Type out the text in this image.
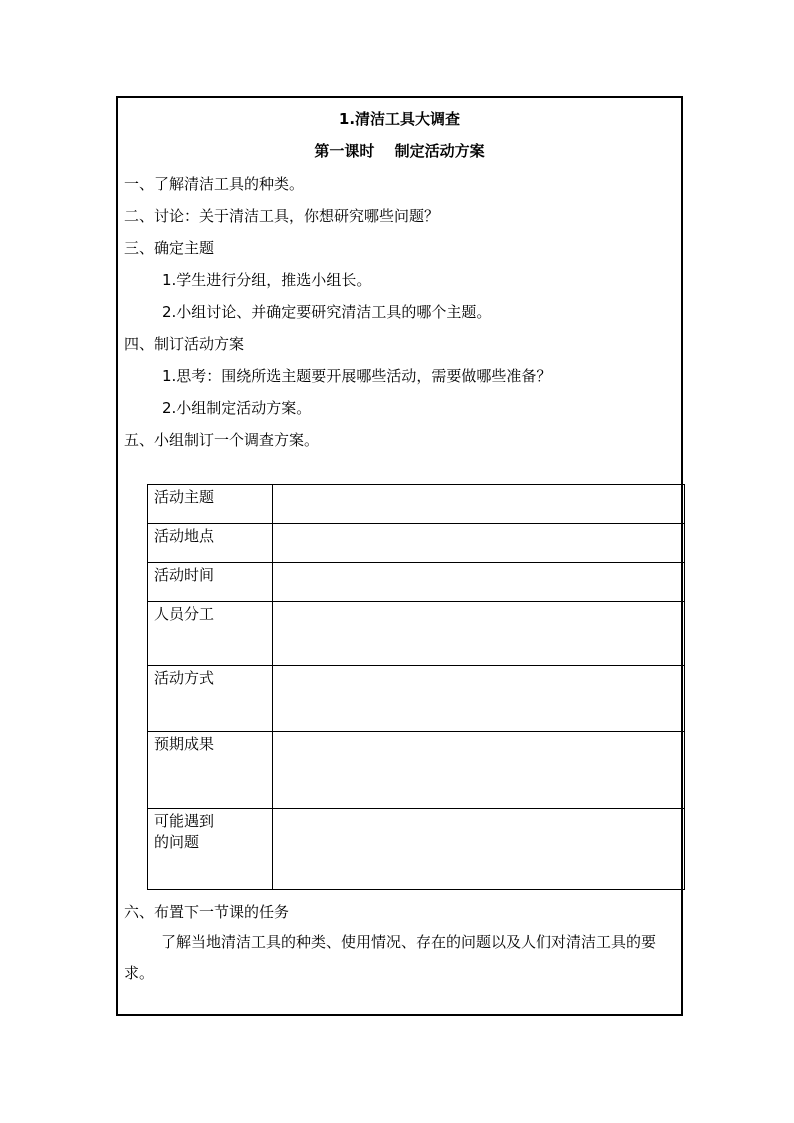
1.清洁工具大调查
第一课时　 制定活动方案
一、了解清洁工具的种类。
二、讨论：关于清洁工具，你想研究哪些问题？
三、确定主题
1.学生进行分组，推选小组长。
2.小组讨论、并确定要研究清洁工具的哪个主题。
四、制订活动方案
1.思考：围绕所选主题要开展哪些活动，需要做哪些准备？
2.小组制定活动方案。
五、小组制订一个调查方案。
活动主题	
活动地点	
活动时间	
人员分工	
活动方式	
预期成果	

可能遇到的问题	

六、布置下一节课的任务
了解当地清洁工具的种类、使用情况、存在的问题以及人们对清洁工具的要求。
